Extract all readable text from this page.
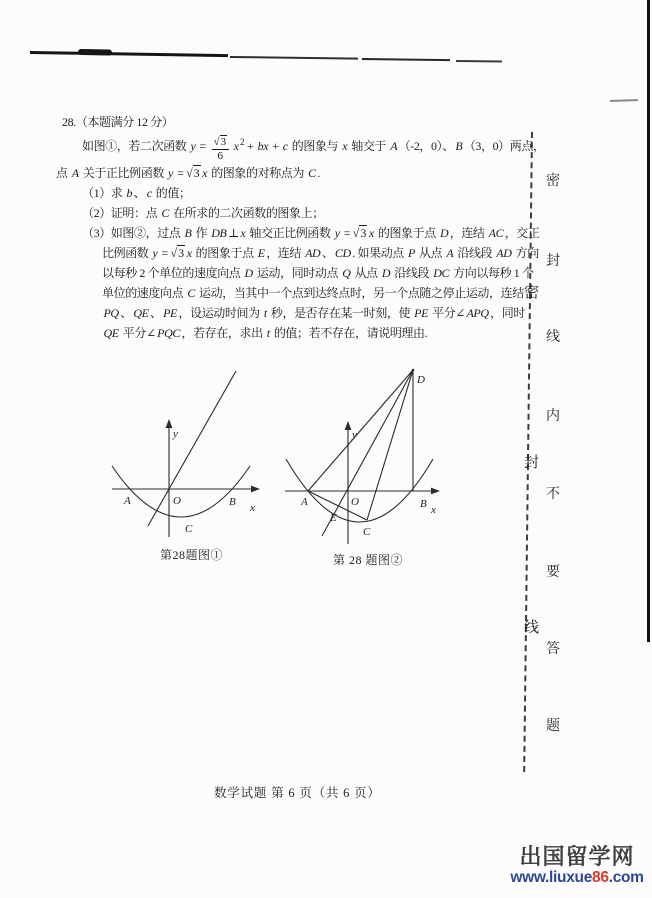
28.（本题满分 12 分）
如图①，若二次函数 $y = \frac{√3}{6}$ x $^2$ + bx + c 的图象与 x 轴交于 A （-2，0）、 B （3，0）两点，
点 A 关于正比例函数 y = √3 x 的图象的对称点为 C .
（1）求 b 、 c 的值；
（2）证明：点 C 在所求的二次函数的图象上；
（3）如图②，过点 B 作 DB ⊥ x 轴交正比例函数 y = √3 x 的图象于点 D ，连结 AC ，交正
比例函数 y = √3 x 的图象于点 E ，连结 AD 、 CD . 如果动点 P 从点 A 沿线段 AD 方向
以每秒 2 个单位的速度向点 D 运动，同时动点 Q 从点 D 沿线段 DC 方向以每秒 1 个
单位的速度向点 C 运动，当其中一个点到达终点时，另一个点随之停止运动，连结
PQ 、 QE 、 PE ，设运动时间为 t 秒，是否存在某一时刻，使 PE 平分∠ APQ ，同时
QE 平分∠ PQC ，若存在，求出 t 的值；若不存在，请说明理由.
y
x
O
A	B
C
第28题图①
y
x
O
A	B
D
E
C
第 28 题图②
密
封
线
密
封
线
内
不
要
答
题
数学试题 第 6 页（共 6 页）
出国留学网
www.liuxue86.com
